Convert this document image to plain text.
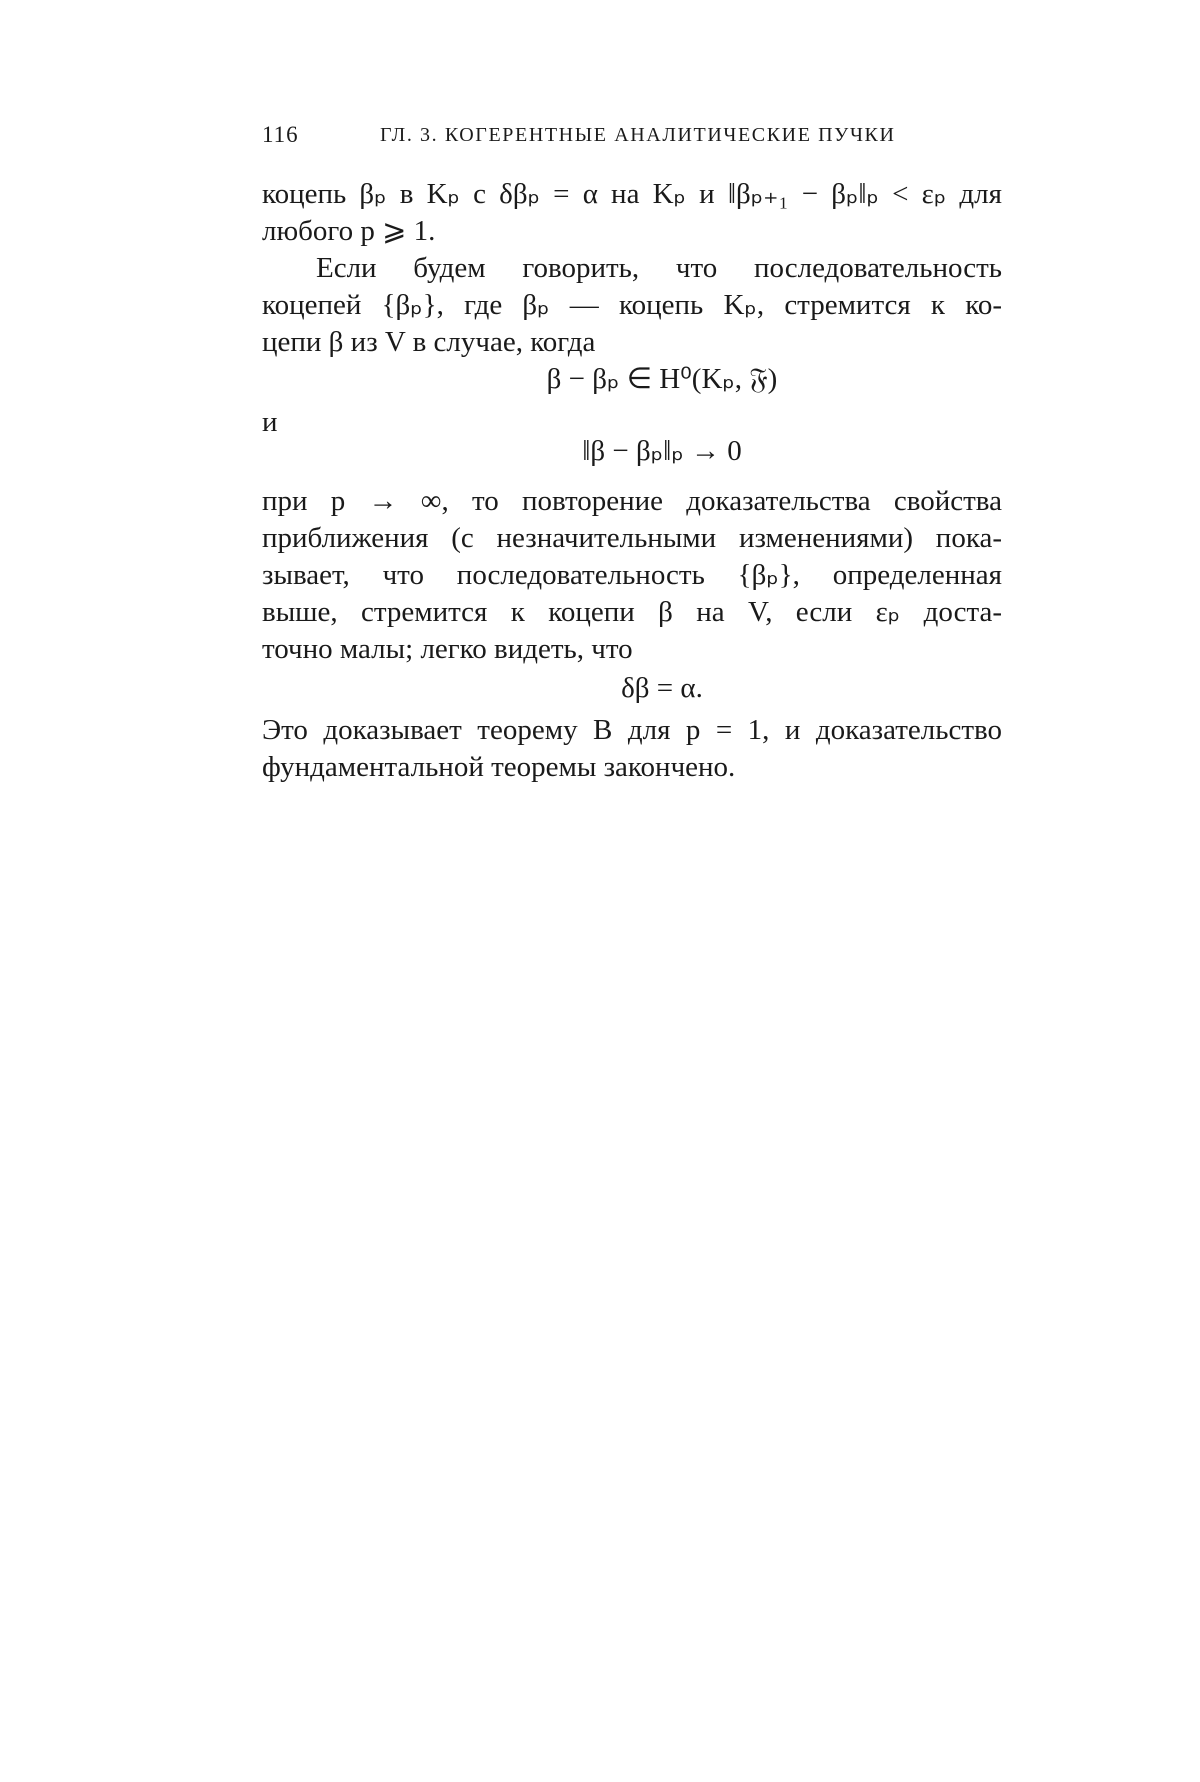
116	ГЛ. 3. КОГЕРЕНТНЫЕ АНАЛИТИЧЕСКИЕ ПУЧКИ
коцепь βₚ в Kₚ с δβₚ = α на Kₚ и ‖βₚ₊₁ − βₚ‖ₚ < εₚ для
любого p ⩾ 1.
Если будем говорить, что последовательность
коцепей {βₚ}, где βₚ — коцепь Kₚ, стремится к ко-
цепи β из V в случае, когда
β − βₚ ∈ H⁰(Kₚ, 𝔉)
и
‖β − βₚ‖ₚ → 0
при p → ∞, то повторение доказательства свойства
приближения (с незначительными изменениями) пока-
зывает, что последовательность {βₚ}, определенная
выше, стремится к коцепи β на V, если εₚ доста-
точно малы; легко видеть, что
δβ = α.
Это доказывает теорему B для p = 1, и доказательство
фундаментальной теоремы закончено.
